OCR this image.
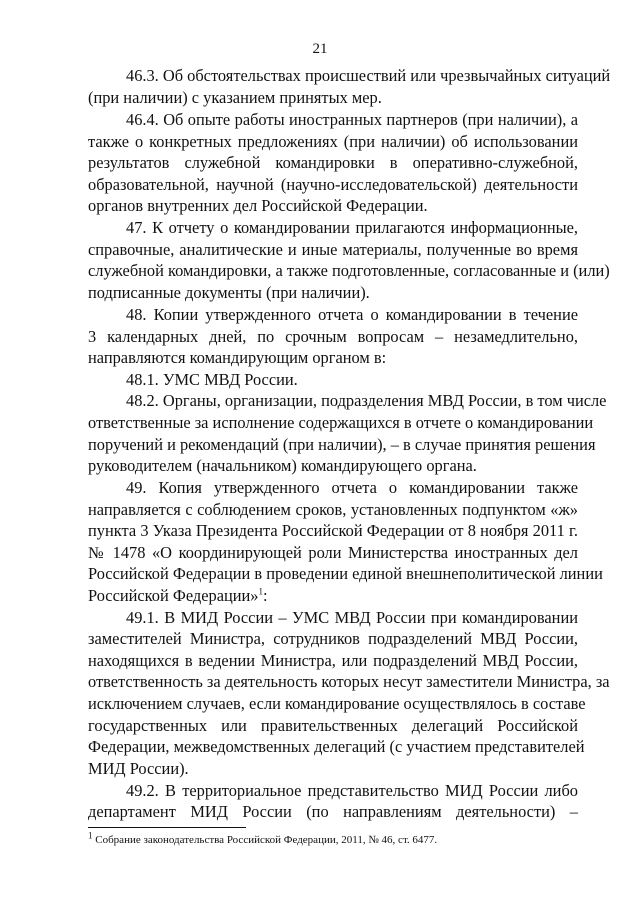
21
46.3. Об обстоятельствах происшествий или чрезвычайных ситуаций
(при наличии) с указанием принятых мер.
46.4. Об опыте работы иностранных партнеров (при наличии), а
также о конкретных предложениях (при наличии) об использовании
результатов служебной командировки в оперативно-служебной,
образовательной, научной (научно-исследовательской) деятельности
органов внутренних дел Российской Федерации.
47. К отчету о командировании прилагаются информационные,
справочные, аналитические и иные материалы, полученные во время
служебной командировки, а также подготовленные, согласованные и (или)
подписанные документы (при наличии).
48. Копии утвержденного отчета о командировании в течение
3 календарных дней, по срочным вопросам – незамедлительно,
направляются командирующим органом в:
48.1. УМС МВД России.
48.2. Органы, организации, подразделения МВД России, в том числе
ответственные за исполнение содержащихся в отчете о командировании
поручений и рекомендаций (при наличии), – в случае принятия решения
руководителем (начальником) командирующего органа.
49. Копия утвержденного отчета о командировании также
направляется с соблюдением сроков, установленных подпунктом «ж»
пункта 3 Указа Президента Российской Федерации от 8 ноября 2011 г.
№ 1478 «О координирующей роли Министерства иностранных дел
Российской Федерации в проведении единой внешнеполитической линии
Российской Федерации»$^1$:
49.1. В МИД России – УМС МВД России при командировании
заместителей Министра, сотрудников подразделений МВД России,
находящихся в ведении Министра, или подразделений МВД России,
ответственность за деятельность которых несут заместители Министра, за
исключением случаев, если командирование осуществлялось в составе
государственных или правительственных делегаций Российской
Федерации, межведомственных делегаций (с участием представителей
МИД России).
49.2. В территориальное представительство МИД России либо
департамент МИД России (по направлениям деятельности) –
$^1$ Собрание законодательства Российской Федерации, 2011, № 46, ст. 6477.
